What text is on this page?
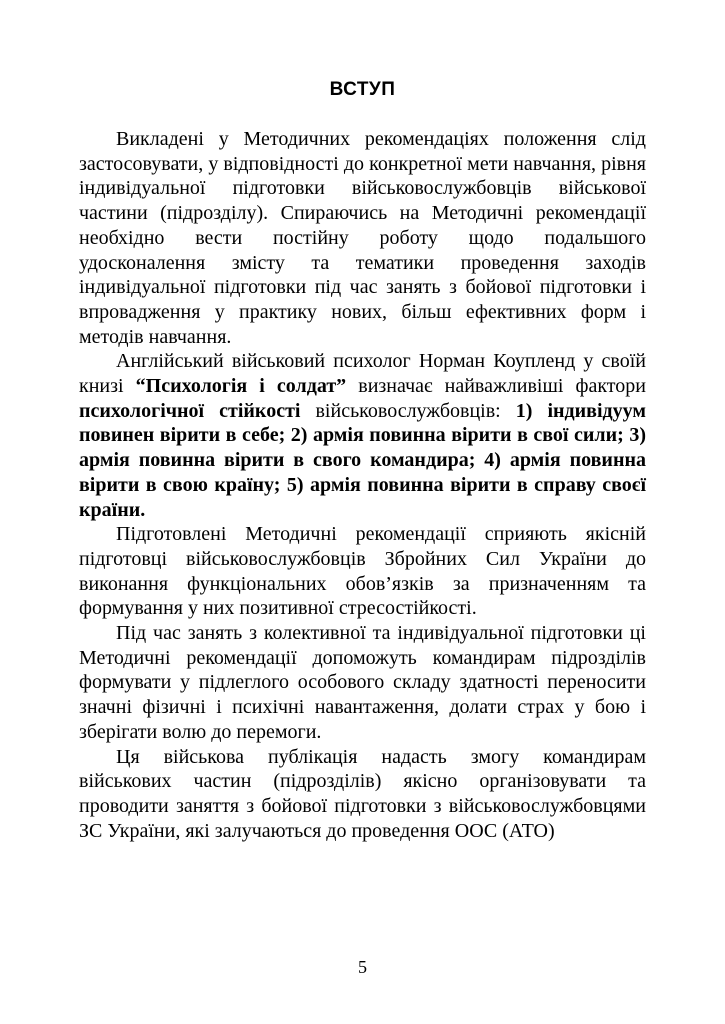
ВСТУП

Викладені у Методичних рекомендаціях положення слід застосовувати, у відповідності до конкретної мети навчання, рівня індивідуальної підготовки військовослужбовців військової частини (підрозділу). Спираючись на Методичні рекомендації необхідно вести постійну роботу щодо подальшого удосконалення змісту та тематики проведення заходів індивідуальної підготовки під час занять з бойової підготовки і впровадження у практику нових, більш ефективних форм і методів навчання.

Англійський військовий психолог Норман Коупленд у своїй книзі “Психологія і солдат” визначає найважливіші фактори психологічної стійкості військовослужбовців: 1) індивідуум повинен вірити в себе; 2) армія повинна вірити в свої сили; 3) армія повинна вірити в свого командира; 4) армія повинна вірити в свою країну; 5) армія повинна вірити в справу своєї країни.

Підготовлені Методичні рекомендації сприяють якісній підготовці військовослужбовців Збройних Сил України до виконання функціональних обов’язків за призначенням та формування у них позитивної стресостійкості.

Під час занять з колективної та індивідуальної підготовки ці Методичні рекомендації допоможуть командирам підрозділів формувати у підлеглого особового складу здатності переносити значні фізичні і психічні навантаження, долати страх у бою і зберігати волю до перемоги.

Ця військова публікація надасть змогу командирам військових частин (підрозділів) якісно організовувати та проводити заняття з бойової підготовки з військовослужбовцями ЗС України, які залучаються до проведення ООС (АТО)

5
